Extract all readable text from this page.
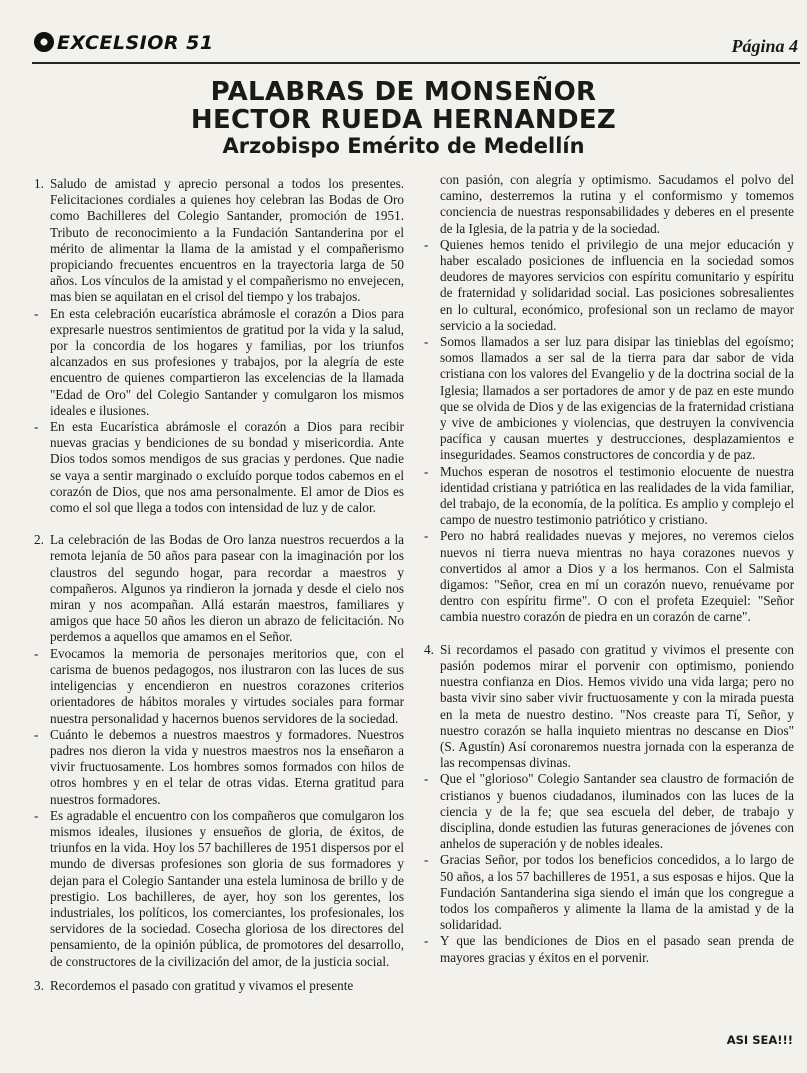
EXCELSIOR 51	Página 4

PALABRAS DE MONSEÑOR

HECTOR RUEDA HERNANDEZ

Arzobispo Emérito de Medellín

1. Saludo de amistad y aprecio personal a todos los presentes. Felicitaciones cordiales a quienes hoy celebran las Bodas de Oro como Bachilleres del Colegio Santander, promoción de 1951. Tributo de reconocimiento a la Fundación Santanderina por el mérito de alimentar la llama de la amistad y el compañerismo propiciando frecuentes encuentros en la trayectoria larga de 50 años. Los vínculos de la amistad y el compañerismo no envejecen, mas bien se aquilatan en el crisol del tiempo y los trabajos.
- En esta celebración eucarística abrámosle el corazón a Dios para expresarle nuestros sentimientos de gratitud por la vida y la salud, por la concordia de los hogares y familias, por los triunfos alcanzados en sus profesiones y trabajos, por la alegría de este encuentro de quienes compartieron las excelencias de la llamada "Edad de Oro" del Colegio Santander y comulgaron los mismos ideales e ilusiones.
- En esta Eucarística abrámosle el corazón a Dios para recibir nuevas gracias y bendiciones de su bondad y misericordia. Ante Dios todos somos mendigos de sus gracias y perdones. Que nadie se vaya a sentir marginado o excluído porque todos cabemos en el corazón de Dios, que nos ama personalmente. El amor de Dios es como el sol que llega a todos con intensidad de luz y de calor.
2. La celebración de las Bodas de Oro lanza nuestros recuerdos a la remota lejanía de 50 años para pasear con la imaginación por los claustros del segundo hogar, para recordar a maestros y compañeros. Algunos ya rindieron la jornada y desde el cielo nos miran y nos acompañan. Allá estarán maestros, familiares y amigos que hace 50 años les dieron un abrazo de felicitación. No perdemos a aquellos que amamos en el Señor.
- Evocamos la memoria de personajes meritorios que, con el carisma de buenos pedagogos, nos ilustraron con las luces de sus inteligencias y encendieron en nuestros corazones criterios orientadores de hábitos morales y virtudes sociales para formar nuestra personalidad y hacernos buenos servidores de la sociedad.
- Cuánto le debemos a nuestros maestros y formadores. Nuestros padres nos dieron la vida y nuestros maestros nos la enseñaron a vivir fructuosamente. Los hombres somos formados con hilos de otros hombres y en el telar de otras vidas. Eterna gratitud para nuestros formadores.
- Es agradable el encuentro con los compañeros que comulgaron los mismos ideales, ilusiones y ensueños de gloria, de éxitos, de triunfos en la vida. Hoy los 57 bachilleres de 1951 dispersos por el mundo de diversas profesiones son gloria de sus formadores y dejan para el Colegio Santander una estela luminosa de brillo y de prestigio. Los bachilleres, de ayer, hoy son los gerentes, los industriales, los políticos, los comerciantes, los profesionales, los servidores de la sociedad. Cosecha gloriosa de los directores del pensamiento, de la opinión pública, de promotores del desarrollo, de constructores de la civilización del amor, de la justicia social.
3. Recordemos el pasado con gratitud y vivamos el presente
con pasión, con alegría y optimismo. Sacudamos el polvo del camino, desterremos la rutina y el conformismo y tomemos conciencia de nuestras responsabilidades y deberes en el presente de la Iglesia, de la patria y de la sociedad.
- Quienes hemos tenido el privilegio de una mejor educación y haber escalado posiciones de influencia en la sociedad somos deudores de mayores servicios con espíritu comunitario y espíritu de fraternidad y solidaridad social. Las posiciones sobresalientes en lo cultural, económico, profesional son un reclamo de mayor servicio a la sociedad.
- Somos llamados a ser luz para disipar las tinieblas del egoísmo; somos llamados a ser sal de la tierra para dar sabor de vida cristiana con los valores del Evangelio y de la doctrina social de la Iglesia; llamados a ser portadores de amor y de paz en este mundo que se olvida de Dios y de las exigencias de la fraternidad cristiana y vive de ambiciones y violencias, que destruyen la convivencia pacífica y causan muertes y destrucciones, desplazamientos e inseguridades. Seamos constructores de concordia y de paz.
- Muchos esperan de nosotros el testimonio elocuente de nuestra identidad cristiana y patriótica en las realidades de la vida familiar, del trabajo, de la economía, de la política. Es amplio y complejo el campo de nuestro testimonio patriótico y cristiano.
- Pero no habrá realidades nuevas y mejores, no veremos cielos nuevos ni tierra nueva mientras no haya corazones nuevos y convertidos al amor a Dios y a los hermanos. Con el Salmista digamos: "Señor, crea en mí un corazón nuevo, renuévame por dentro con espíritu firme". O con el profeta Ezequiel: "Señor cambia nuestro corazón de piedra en un corazón de carne".
4. Si recordamos el pasado con gratitud y vivimos el presente con pasión podemos mirar el porvenir con optimismo, poniendo nuestra confianza en Dios. Hemos vivido una vida larga; pero no basta vivir sino saber vivir fructuosamente y con la mirada puesta en la meta de nuestro destino. "Nos creaste para Tí, Señor, y nuestro corazón se halla inquieto mientras no descanse en Dios" (S. Agustín) Así coronaremos nuestra jornada con la esperanza de las recompensas divinas.
- Que el "glorioso" Colegio Santander sea claustro de formación de cristianos y buenos ciudadanos, iluminados con las luces de la ciencia y de la fe; que sea escuela del deber, de trabajo y disciplina, donde estudien las futuras generaciones de jóvenes con anhelos de superación y de nobles ideales.
- Gracias Señor, por todos los beneficios concedidos, a lo largo de 50 años, a los 57 bachilleres de 1951, a sus esposas e hijos. Que la Fundación Santanderina siga siendo el imán que los congregue a todos los compañeros y alimente la llama de la amistad y de la solidaridad.
- Y que las bendiciones de Dios en el pasado sean prenda de mayores gracias y éxitos en el porvenir.
ASI SEA!!!
